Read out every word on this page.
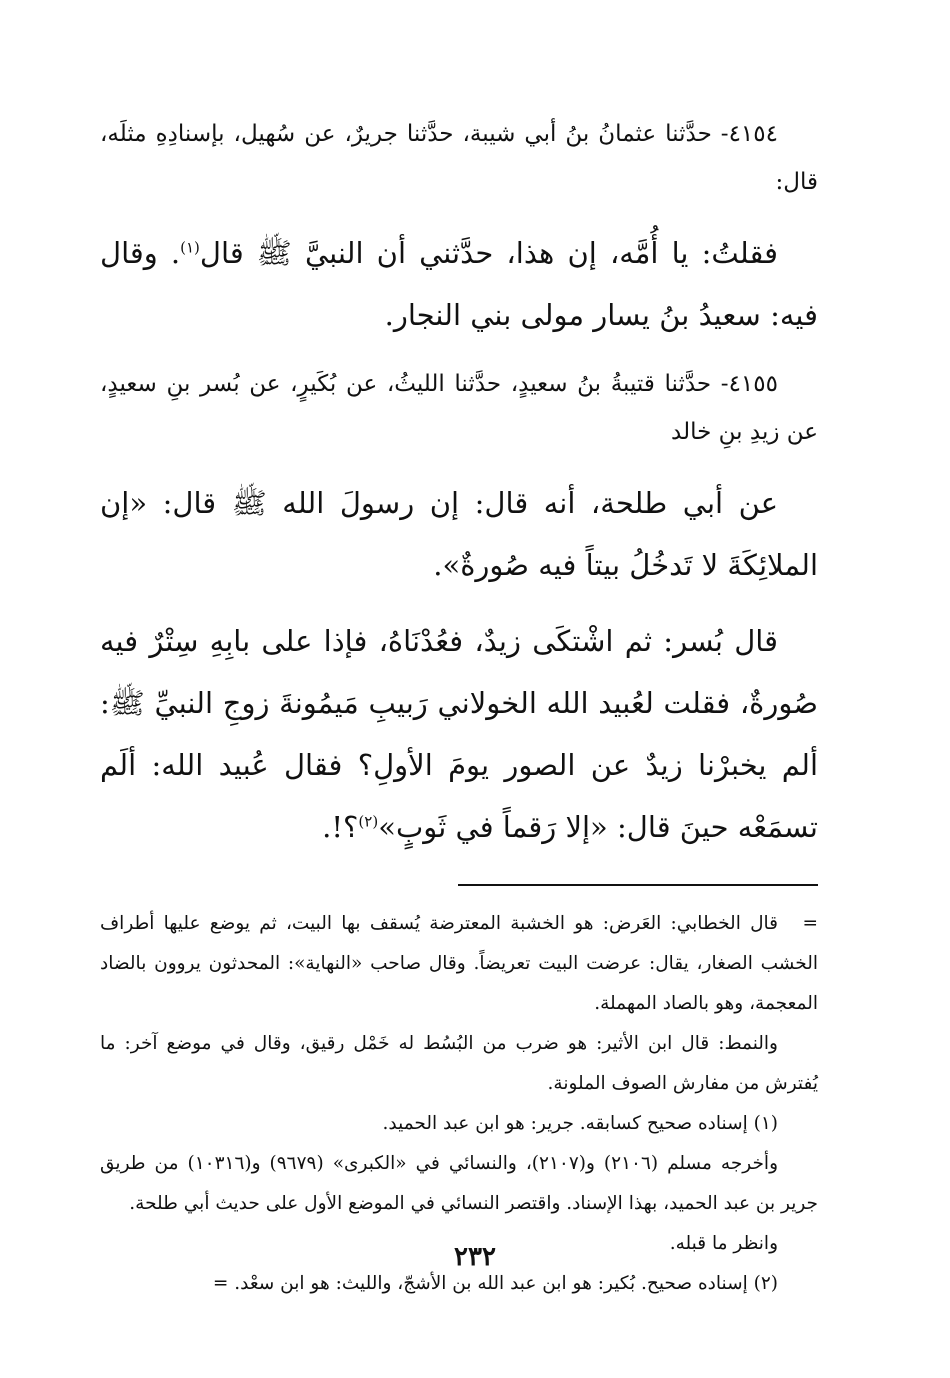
٤١٥٤- حدَّثنا عثمانُ بنُ أبي شيبة، حدَّثنا جريرٌ، عن سُهيل، بإسنادِهِ مثلَه، قال:

فقلتُ: يا أُمَّه، إن هذا، حدَّثني أن النبيَّ ﷺ قال$^{(١)}$. وقال فيه: سعيدُ بنُ يسار مولى بني النجار.

٤١٥٥- حدَّثنا قتيبةُ بنُ سعيدٍ، حدَّثنا الليثُ، عن بُكَيرٍ، عن بُسر بنِ سعيدٍ، عن زيدِ بنِ خالد

عن أبي طلحة، أنه قال: إن رسولَ الله ﷺ قال: «إن الملائِكَةَ لا تَدخُلُ بيتاً فيه صُورةٌ».

قال بُسر: ثم اشْتكَى زيدٌ، فعُدْنَاهُ، فإذا على بابِهِ سِتْرٌ فيه صُورةٌ، فقلت لعُبيد الله الخولاني رَبيبِ مَيمُونةَ زوجِ النبيِّ ﷺ: ألم يخبرْنا زيدٌ عن الصور يومَ الأولِ؟ فقال عُبيد الله: ألَم تسمَعْه حينَ قال: «إلا رَقماً في ثَوبٍ»$^{(٢)}$؟!.

=قال الخطابي: العَرض: هو الخشبة المعترضة يُسقف بها البيت، ثم يوضع عليها أطراف الخشب الصغار، يقال: عرضت البيت تعريضاً. وقال صاحب «النهاية»: المحدثون يروون بالضاد المعجمة، وهو بالصاد المهملة.

والنمط: قال ابن الأثير: هو ضرب من البُسُط له خَمْل رقيق، وقال في موضع آخر: ما يُفترش من مفارش الصوف الملونة.

(١) إسناده صحيح كسابقه. جرير: هو ابن عبد الحميد.

وأخرجه مسلم (٢١٠٦) و(٢١٠٧)، والنسائي في «الكبرى» (٩٦٧٩) و(١٠٣١٦) من طريق جرير بن عبد الحميد، بهذا الإسناد. واقتصر النسائي في الموضع الأول على حديث أبي طلحة.

وانظر ما قبله.

(٢) إسناده صحيح. بُكير: هو ابن عبد الله بن الأشجّ، والليث: هو ابن سعْد. =

٢٣٢
